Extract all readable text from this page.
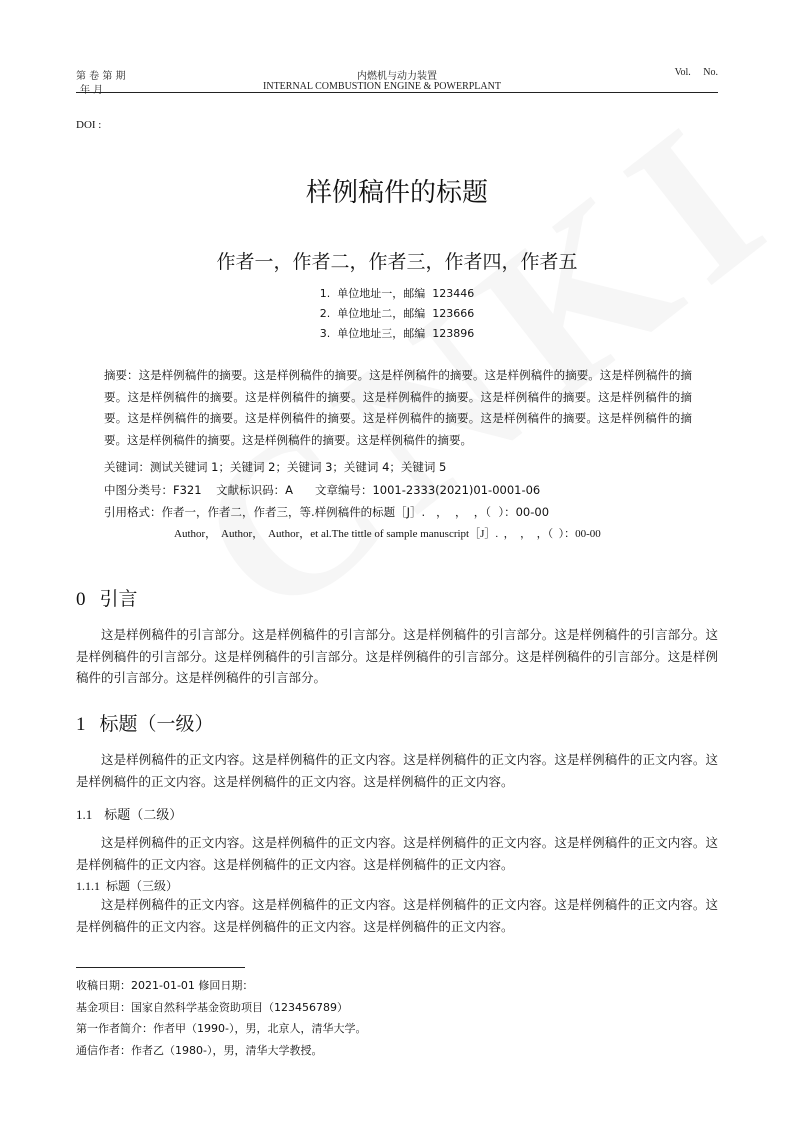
第 卷 第 期
年 月
内燃机与动力装置
INTERNAL COMBUSTION ENGINE & POWERPLANT
Vol.     No.
DOI :
样例稿件的标题
作者一，作者二，作者三，作者四，作者五
1.  单位地址一，邮编  123446
2.  单位地址二，邮编  123666
3.  单位地址三，邮编  123896
摘要：这是样例稿件的摘要。这是样例稿件的摘要。这是样例稿件的摘要。这是样例稿件的摘要。这是样例稿件的摘要。这是样例稿件的摘要。这是样例稿件的摘要。这是样例稿件的摘要。这是样例稿件的摘要。这是样例稿件的摘要。这是样例稿件的摘要。这是样例稿件的摘要。这是样例稿件的摘要。这是样例稿件的摘要。这是样例稿件的摘要。这是样例稿件的摘要。这是样例稿件的摘要。这是样例稿件的摘要。
关键词：测试关键词 1；关键词 2；关键词 3；关键词 4；关键词 5
中图分类号：F321    文献标识码：A      文章编号：1001-2333(2021)01-0001-06
引用格式：作者一，作者二，作者三，等.样例稿件的标题［J］.   ，  ，  ，（  ）：00-00
Author，  Author，  Author，et al.The tittle of sample manuscript［J］.  ，  ，  ，（  ）：00-00
0 引言
这是样例稿件的引言部分。这是样例稿件的引言部分。这是样例稿件的引言部分。这是样例稿件的引言部分。这是样例稿件的引言部分。这是样例稿件的引言部分。这是样例稿件的引言部分。这是样例稿件的引言部分。这是样例稿件的引言部分。这是样例稿件的引言部分。
1 标题（一级）
这是样例稿件的正文内容。这是样例稿件的正文内容。这是样例稿件的正文内容。这是样例稿件的正文内容。这是样例稿件的正文内容。这是样例稿件的正文内容。这是样例稿件的正文内容。
1.1 标题（二级）
这是样例稿件的正文内容。这是样例稿件的正文内容。这是样例稿件的正文内容。这是样例稿件的正文内容。这是样例稿件的正文内容。这是样例稿件的正文内容。这是样例稿件的正文内容。
1.1.1 标题（三级）
这是样例稿件的正文内容。这是样例稿件的正文内容。这是样例稿件的正文内容。这是样例稿件的正文内容。这是样例稿件的正文内容。这是样例稿件的正文内容。这是样例稿件的正文内容。
收稿日期：2021-01-01 修回日期：
基金项目：国家自然科学基金资助项目（123456789）
第一作者简介：作者甲（1990-），男，北京人，清华大学。
通信作者：作者乙（1980-），男，清华大学教授。
